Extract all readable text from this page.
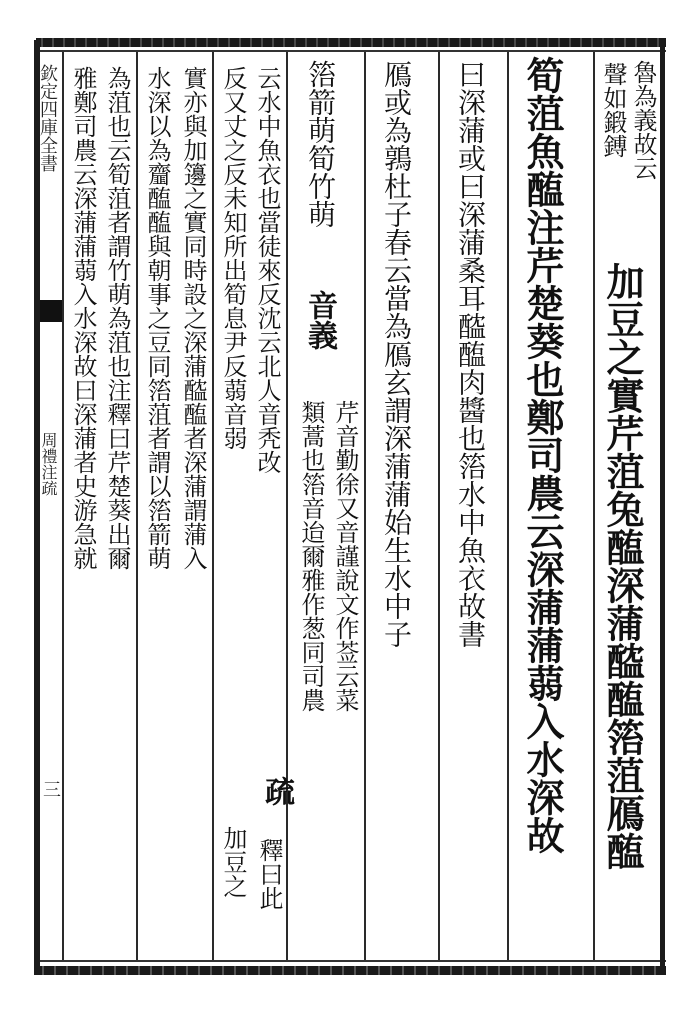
欽定四庫全書
周禮注疏
三
魯為義故云
聲如鍛鎛
加豆之實芹菹兔醢深蒲醓醢箈菹鴈醢
筍菹魚醢注芹楚葵也鄭司農云深蒲蒲蒻入水深故
曰深蒲或曰深蒲桑耳醓醢肉醬也箈水中魚衣故書
鴈或為鶉杜子春云當為鴈玄謂深蒲蒲始生水中子
箈箭萌筍竹萌
音義
芹音勤徐又音謹說文作莶云菜
類蒿也箈音迨爾雅作葱同司農
云水中魚衣也當徒來反沈云北人音秃改
疏
釋曰此
反又丈之反未知所出筍息尹反蒻音弱
加豆之
實亦與加籩之實同時設之深蒲醓醢者深蒲謂蒲入
水深以為齏醢醢與朝事之豆同箈菹者謂以箈箭萌
為菹也云筍菹者謂竹萌為菹也注釋曰芹楚葵出爾
雅鄭司農云深蒲蒲蒻入水深故曰深蒲者史游急就
